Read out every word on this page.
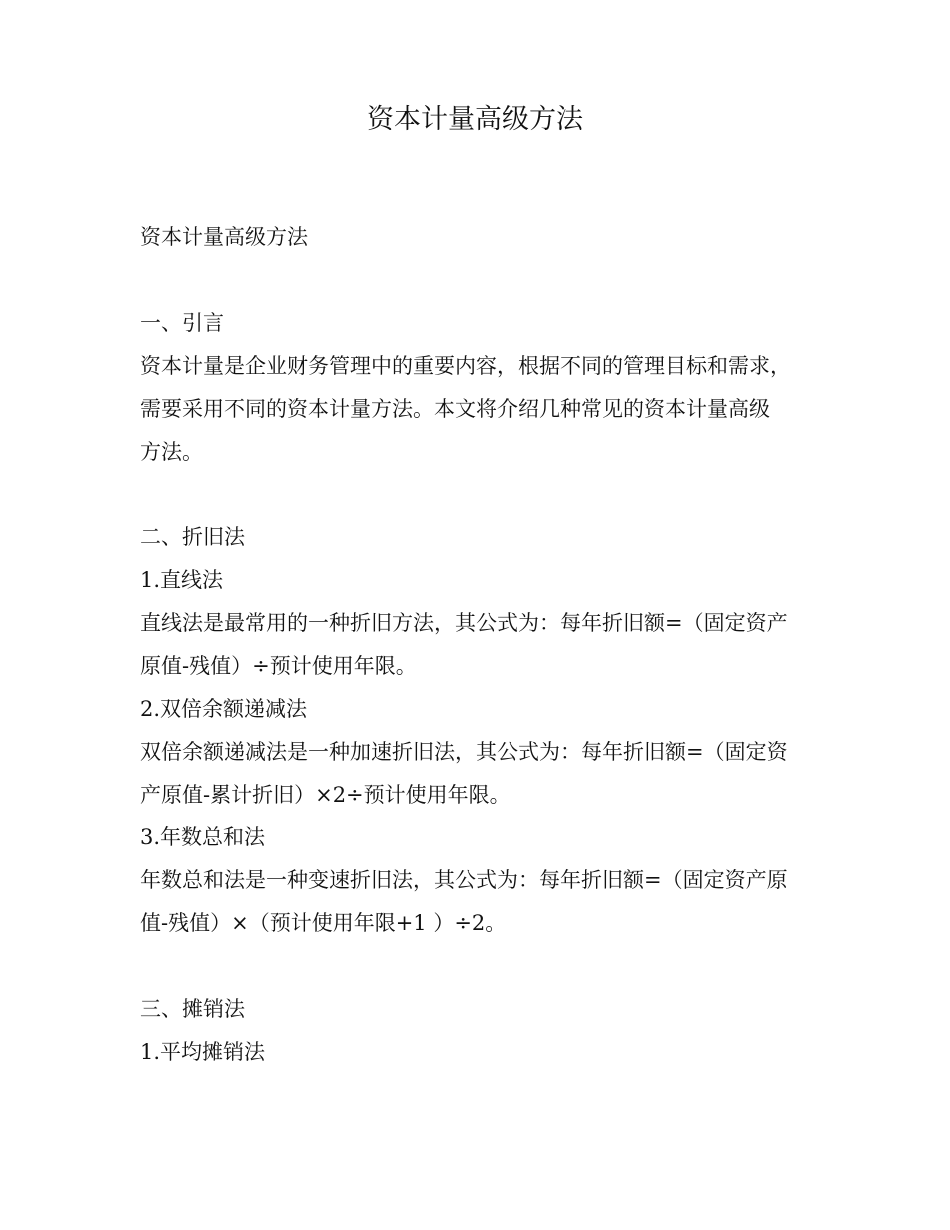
资本计量高级方法

资本计量高级方法

一、引言

资本计量是企业财务管理中的重要内容，根据不同的管理目标和需求，

需要采用不同的资本计量方法。本文将介绍几种常见的资本计量高级

方法。

二、折旧法

1.直线法

直线法是最常用的一种折旧方法，其公式为：每年折旧额=（固定资产

原值-残值）÷预计使用年限。

2.双倍余额递减法

双倍余额递减法是一种加速折旧法，其公式为：每年折旧额=（固定资

产原值-累计折旧）×2÷预计使用年限。

3.年数总和法

年数总和法是一种变速折旧法，其公式为：每年折旧额=（固定资产原

值-残值）×（预计使用年限+1 ）÷2。

三、摊销法

1.平均摊销法
